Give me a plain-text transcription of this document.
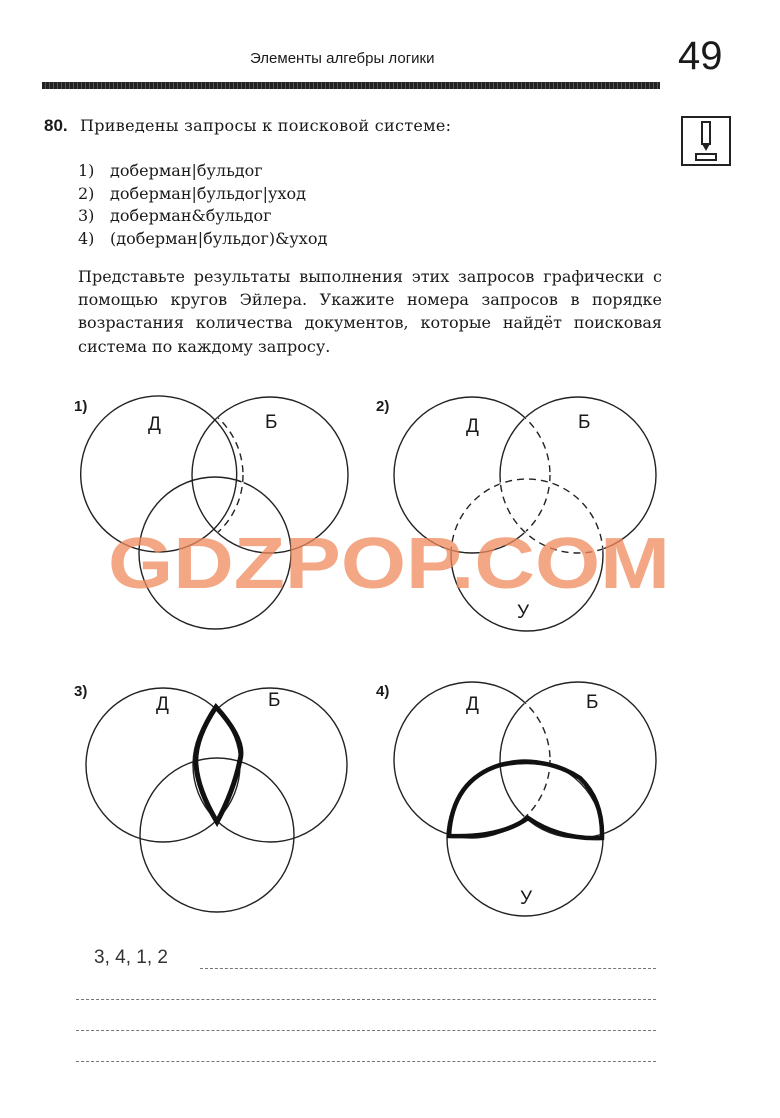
Элементы алгебры логики	49
80. Приведены запросы к поисковой системе:
1) доберман|бульдог
2) доберман|бульдог|уход
3) доберман&бульдог
4) (доберман|бульдог)&уход
Представьте результаты выполнения этих запросов графически с помощью кругов Эйлера. Укажите номера запросов в порядке возрастания количества документов, которые найдёт поисковая система по каждому запросу.
GDZPOP.COM
1)
Д	Б
2)
Д	Б
У
3)
Д	Б	4)
Д	Б
У
3, 4, 1, 2
